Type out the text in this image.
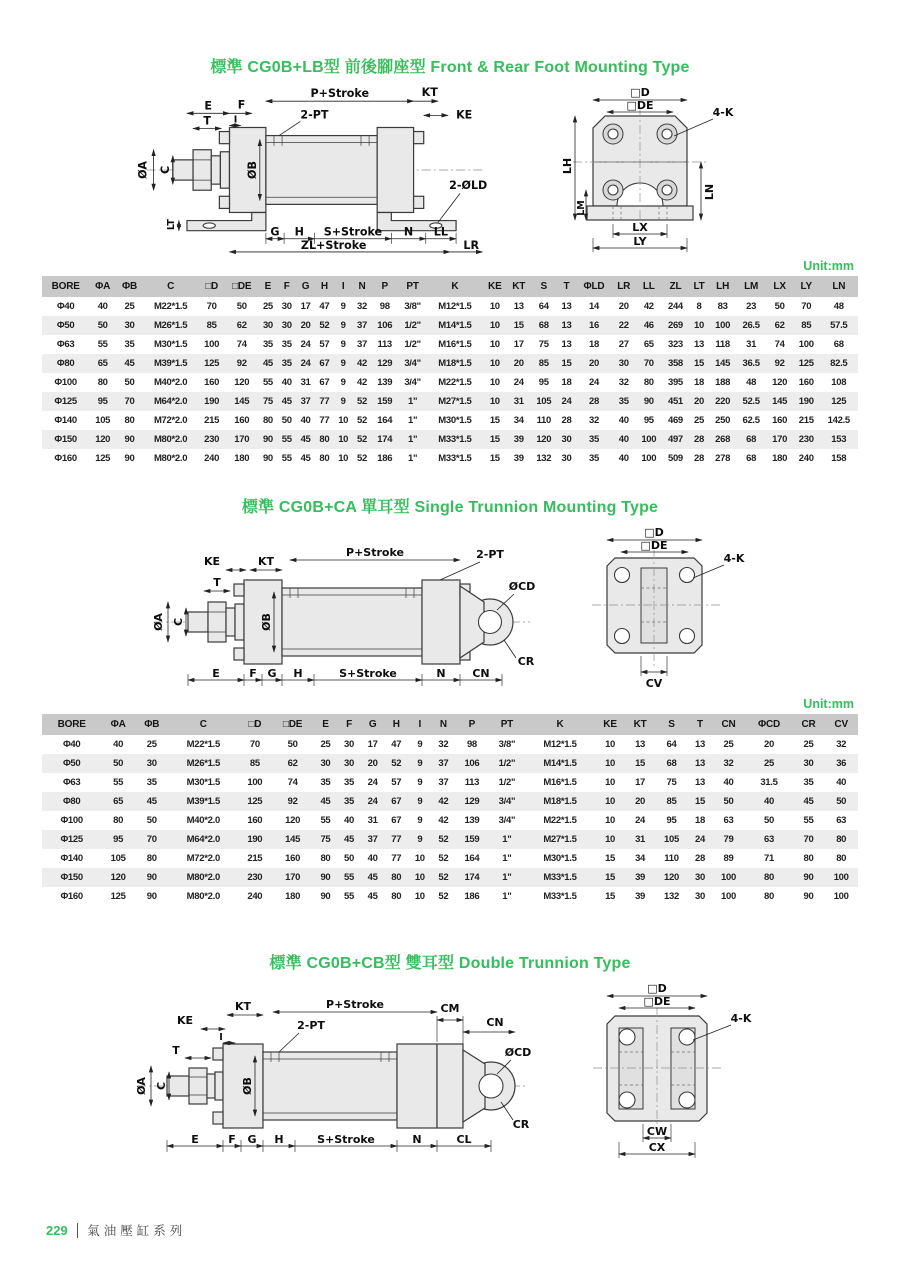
標準 CG0B+LB型 前後腳座型 Front & Rear Foot Mounting Type
P+Stroke	KT
KE
E F
I
T
ØA C	ØB
LT
2-PT
2-ØLD
G H S+Stroke N LL
ZL+Stroke	LR
□D
□DE
4-K
LH
LM
LN
LX
LY
Unit:mm
BORE	ΦA	ΦB	C	□D	□DE	E	F	G	H	I	N	P	PT	K	KE	KT	S	T	ΦLD	LR	LL	ZL	LT	LH	LM	LX	LY	LN
Φ40	40	25	M22*1.5	70	50	25	30	17	47	9	32	98	3/8"	M12*1.5	10	13	64	13	14	20	42	244	8	83	23	50	70	48
Φ50	50	30	M26*1.5	85	62	30	30	20	52	9	37	106	1/2"	M14*1.5	10	15	68	13	16	22	46	269	10	100	26.5	62	85	57.5
Φ63	55	35	M30*1.5	100	74	35	35	24	57	9	37	113	1/2"	M16*1.5	10	17	75	13	18	27	65	323	13	118	31	74	100	68
Φ80	65	45	M39*1.5	125	92	45	35	24	67	9	42	129	3/4"	M18*1.5	10	20	85	15	20	30	70	358	15	145	36.5	92	125	82.5
Φ100	80	50	M40*2.0	160	120	55	40	31	67	9	42	139	3/4"	M22*1.5	10	24	95	18	24	32	80	395	18	188	48	120	160	108
Φ125	95	70	M64*2.0	190	145	75	45	37	77	9	52	159	1"	M27*1.5	10	31	105	24	28	35	90	451	20	220	52.5	145	190	125
Φ140	105	80	M72*2.0	215	160	80	50	40	77	10	52	164	1"	M30*1.5	15	34	110	28	32	40	95	469	25	250	62.5	160	215	142.5
Φ150	120	90	M80*2.0	230	170	90	55	45	80	10	52	174	1"	M33*1.5	15	39	120	30	35	40	100	497	28	268	68	170	230	153
Φ160	125	90	M80*2.0	240	180	90	55	45	80	10	52	186	1"	M33*1.5	15	39	132	30	35	40	100	509	28	278	68	180	240	158
標準 CG0B+CA 單耳型 Single Trunnion Mounting Type
P+Stroke
KE	KT
2-PT
T
ØA C	ØB
ØCD
CR
E	F G H	S+Stroke	N CN
□D
□DE
4-K
CV
Unit:mm
BORE	ΦA	ΦB	C	□D	□DE	E	F	G	H	I	N	P	PT	K	KE	KT	S	T	CN	ΦCD	CR	CV
Φ40	40	25	M22*1.5	70	50	25	30	17	47	9	32	98	3/8"	M12*1.5	10	13	64	13	25	20	25	32
Φ50	50	30	M26*1.5	85	62	30	30	20	52	9	37	106	1/2"	M14*1.5	10	15	68	13	32	25	30	36
Φ63	55	35	M30*1.5	100	74	35	35	24	57	9	37	113	1/2"	M16*1.5	10	17	75	13	40	31.5	35	40
Φ80	65	45	M39*1.5	125	92	45	35	24	67	9	42	129	3/4"	M18*1.5	10	20	85	15	50	40	45	50
Φ100	80	50	M40*2.0	160	120	55	40	31	67	9	42	139	3/4"	M22*1.5	10	24	95	18	63	50	55	63
Φ125	95	70	M64*2.0	190	145	75	45	37	77	9	52	159	1"	M27*1.5	10	31	105	24	79	63	70	80
Φ140	105	80	M72*2.0	215	160	80	50	40	77	10	52	164	1"	M30*1.5	15	34	110	28	89	71	80	80
Φ150	120	90	M80*2.0	230	170	90	55	45	80	10	52	174	1"	M33*1.5	15	39	120	30	100	80	90	100
Φ160	125	90	M80*2.0	240	180	90	55	45	80	10	52	186	1"	M33*1.5	15	39	132	30	100	80	90	100
標準 CG0B+CB型 雙耳型 Double Trunnion Type
P+Stroke
KT
KE
I
T
2-PT
CM
CN
ØCD
CR
ØA C	ØB
E	F G H	S+Stroke	N	CL
□D
□DE
4-K
CW
CX
229 氣油壓缸系列
